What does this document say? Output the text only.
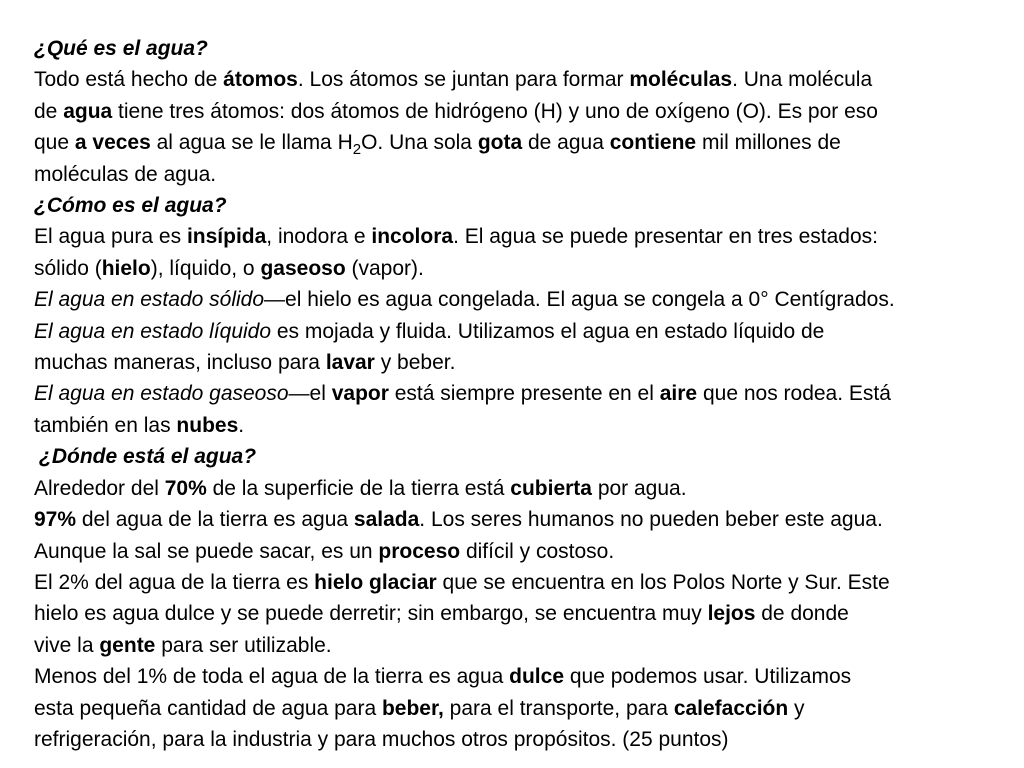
¿Qué es el agua?

Todo está hecho de átomos. Los átomos se juntan para formar moléculas. Una molécula

de agua tiene tres átomos: dos átomos de hidrógeno (H) y uno de oxígeno (O). Es por eso

que a veces al agua se le llama $H_2O$. Una sola gota de agua contiene mil millones de

moléculas de agua.

¿Cómo es el agua?

El agua pura es insípida, inodora e incolora. El agua se puede presentar en tres estados:

sólido (hielo), líquido, o gaseoso (vapor).

El agua en estado sólido—el hielo es agua congelada. El agua se congela a 0° Centígrados.

El agua en estado líquido es mojada y fluida. Utilizamos el agua en estado líquido de

muchas maneras, incluso para lavar y beber.

El agua en estado gaseoso—el vapor está siempre presente en el aire que nos rodea. Está

también en las nubes.

¿Dónde está el agua?

Alrededor del 70% de la superficie de la tierra está cubierta por agua.

97% del agua de la tierra es agua salada. Los seres humanos no pueden beber este agua.

Aunque la sal se puede sacar, es un proceso difícil y costoso.

El 2% del agua de la tierra es hielo glaciar que se encuentra en los Polos Norte y Sur. Este

hielo es agua dulce y se puede derretir; sin embargo, se encuentra muy lejos de donde

vive la gente para ser utilizable.

Menos del 1% de toda el agua de la tierra es agua dulce que podemos usar. Utilizamos

esta pequeña cantidad de agua para beber, para el transporte, para calefacción y

refrigeración, para la industria y para muchos otros propósitos. (25 puntos)
